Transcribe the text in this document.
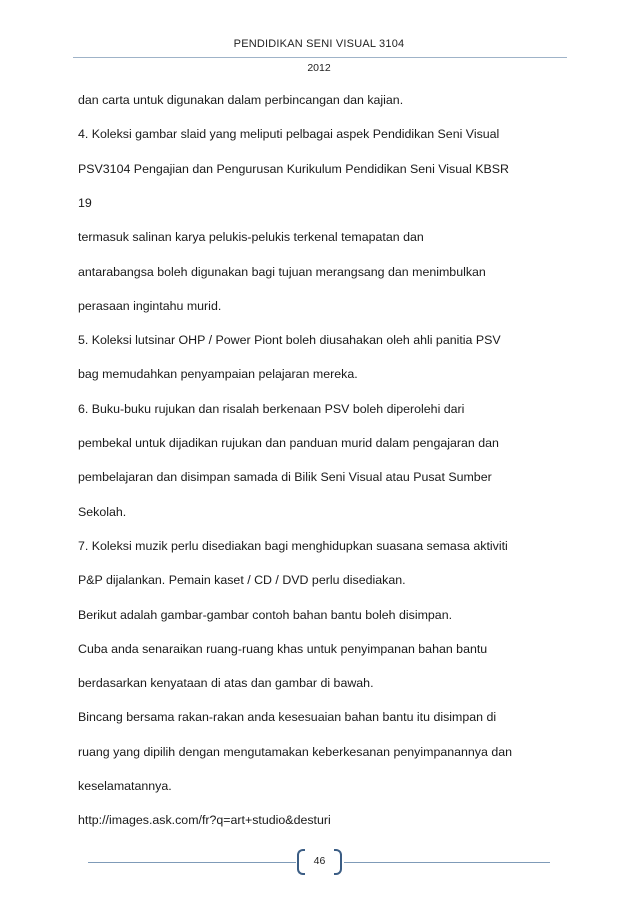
PENDIDIKAN SENI VISUAL 3104
2012
dan carta untuk digunakan dalam perbincangan dan kajian.
4. Koleksi gambar slaid yang meliputi pelbagai aspek Pendidikan Seni Visual
PSV3104 Pengajian dan Pengurusan Kurikulum Pendidikan Seni Visual KBSR
19
termasuk salinan karya pelukis-pelukis terkenal temapatan dan
antarabangsa boleh digunakan bagi tujuan merangsang dan menimbulkan
perasaan ingintahu murid.
5. Koleksi lutsinar OHP / Power Piont boleh diusahakan oleh ahli panitia PSV
bag memudahkan penyampaian pelajaran mereka.
6. Buku-buku rujukan dan risalah berkenaan PSV boleh diperolehi dari
pembekal untuk dijadikan rujukan dan panduan murid dalam pengajaran dan
pembelajaran dan disimpan samada di Bilik Seni Visual atau Pusat Sumber
Sekolah.
7. Koleksi muzik perlu disediakan bagi menghidupkan suasana semasa aktiviti
P&P dijalankan. Pemain kaset / CD / DVD perlu disediakan.
Berikut adalah gambar-gambar contoh bahan bantu boleh disimpan.
Cuba anda senaraikan ruang-ruang khas untuk penyimpanan bahan bantu
berdasarkan kenyataan di atas dan gambar di bawah.
Bincang bersama rakan-rakan anda kesesuaian bahan bantu itu disimpan di
ruang yang dipilih dengan mengutamakan keberkesanan penyimpanannya dan
keselamatannya.
http://images.ask.com/fr?q=art+studio&desturi
46
